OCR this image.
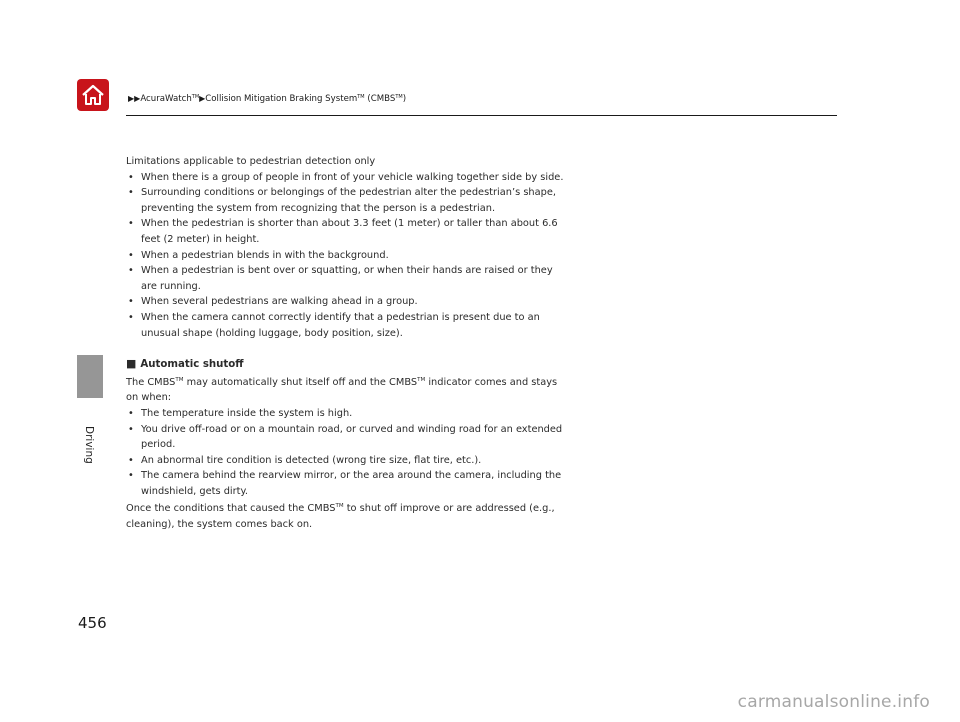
▶▶AcuraWatch™▶Collision Mitigation Braking System™ (CMBS™)
Driving

Limitations applicable to pedestrian detection only

• When there is a group of people in front of your vehicle walking together side by side.
• Surrounding conditions or belongings of the pedestrian alter the pedestrian’s shape, preventing the system from recognizing that the person is a pedestrian.
• When the pedestrian is shorter than about 3.3 feet (1 meter) or taller than about 6.6 feet (2 meter) in height.
• When a pedestrian blends in with the background.
• When a pedestrian is bent over or squatting, or when their hands are raised or they are running.
• When several pedestrians are walking ahead in a group.
• When the camera cannot correctly identify that a pedestrian is present due to an unusual shape (holding luggage, body position, size).

■ Automatic shutoff

The CMBS™ may automatically shut itself off and the CMBS™ indicator comes and stays on when:

• The temperature inside the system is high.
• You drive off-road or on a mountain road, or curved and winding road for an extended period.
• An abnormal tire condition is detected (wrong tire size, flat tire, etc.).
• The camera behind the rearview mirror, or the area around the camera, including the windshield, gets dirty.

Once the conditions that caused the CMBS™ to shut off improve or are addressed (e.g., cleaning), the system comes back on.

456
carmanualsonline.info
